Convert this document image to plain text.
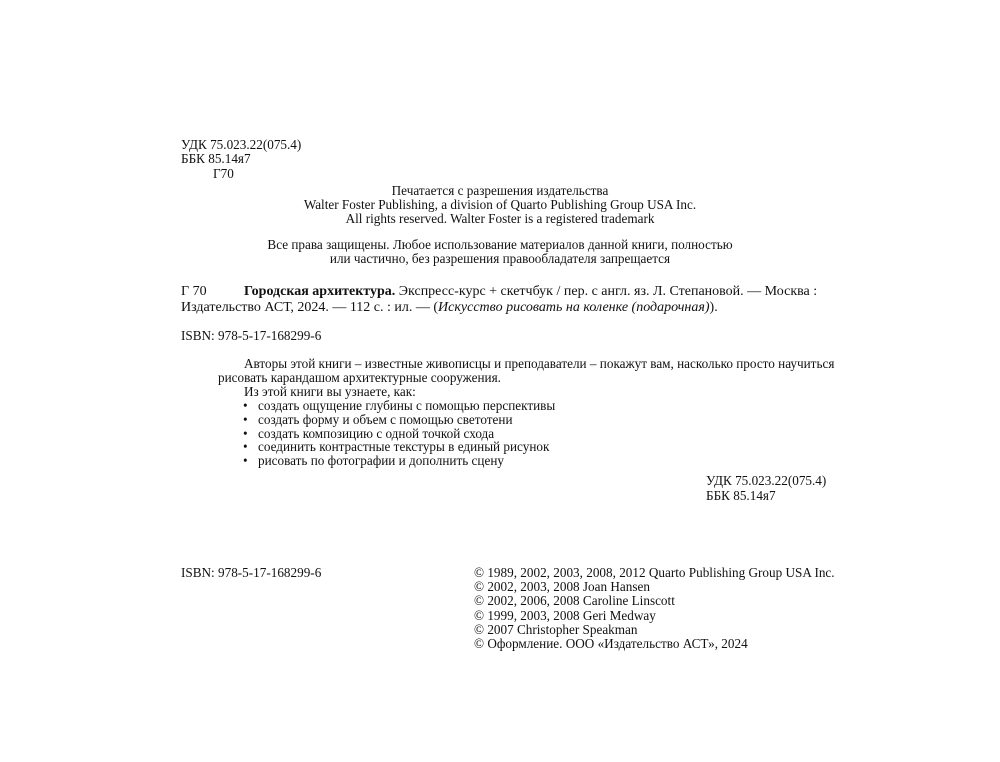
УДК 75.023.22(075.4)
ББК 85.14я7
Г70
Печатается с разрешения издательства
Walter Foster Publishing, a division of Quarto Publishing Group USA Inc.
All rights reserved. Walter Foster is a registered trademark
Все права защищены. Любое использование материалов данной книги, полностью
или частично, без разрешения правообладателя запрещается
Г 70	Городская архитектура. Экспресс-курс + скетчбук / пер. с англ. яз. Л. Степановой. — Москва :
Издательство АСТ, 2024. — 112 с. : ил. — (Искусство рисовать на коленке (подарочная)).
ISBN: 978-5-17-168299-6
Авторы этой книги – известные живописцы и преподаватели – покажут вам, насколько просто научиться
рисовать карандашом архитектурные сооружения.
Из этой книги вы узнаете, как:
• создать ощущение глубины с помощью перспективы
• создать форму и объем с помощью светотени
• создать композицию с одной точкой схода
• соединить контрастные текстуры в единый рисунок
• рисовать по фотографии и дополнить сцену
УДК 75.023.22(075.4)
ББК 85.14я7
ISBN: 978-5-17-168299-6	© 1989, 2002, 2003, 2008, 2012 Quarto Publishing Group USA Inc.
© 2002, 2003, 2008 Joan Hansen
© 2002, 2006, 2008 Caroline Linscott
© 1999, 2003, 2008 Geri Medway
© 2007 Christopher Speakman
© Оформление. ООО «Издательство АСТ», 2024
